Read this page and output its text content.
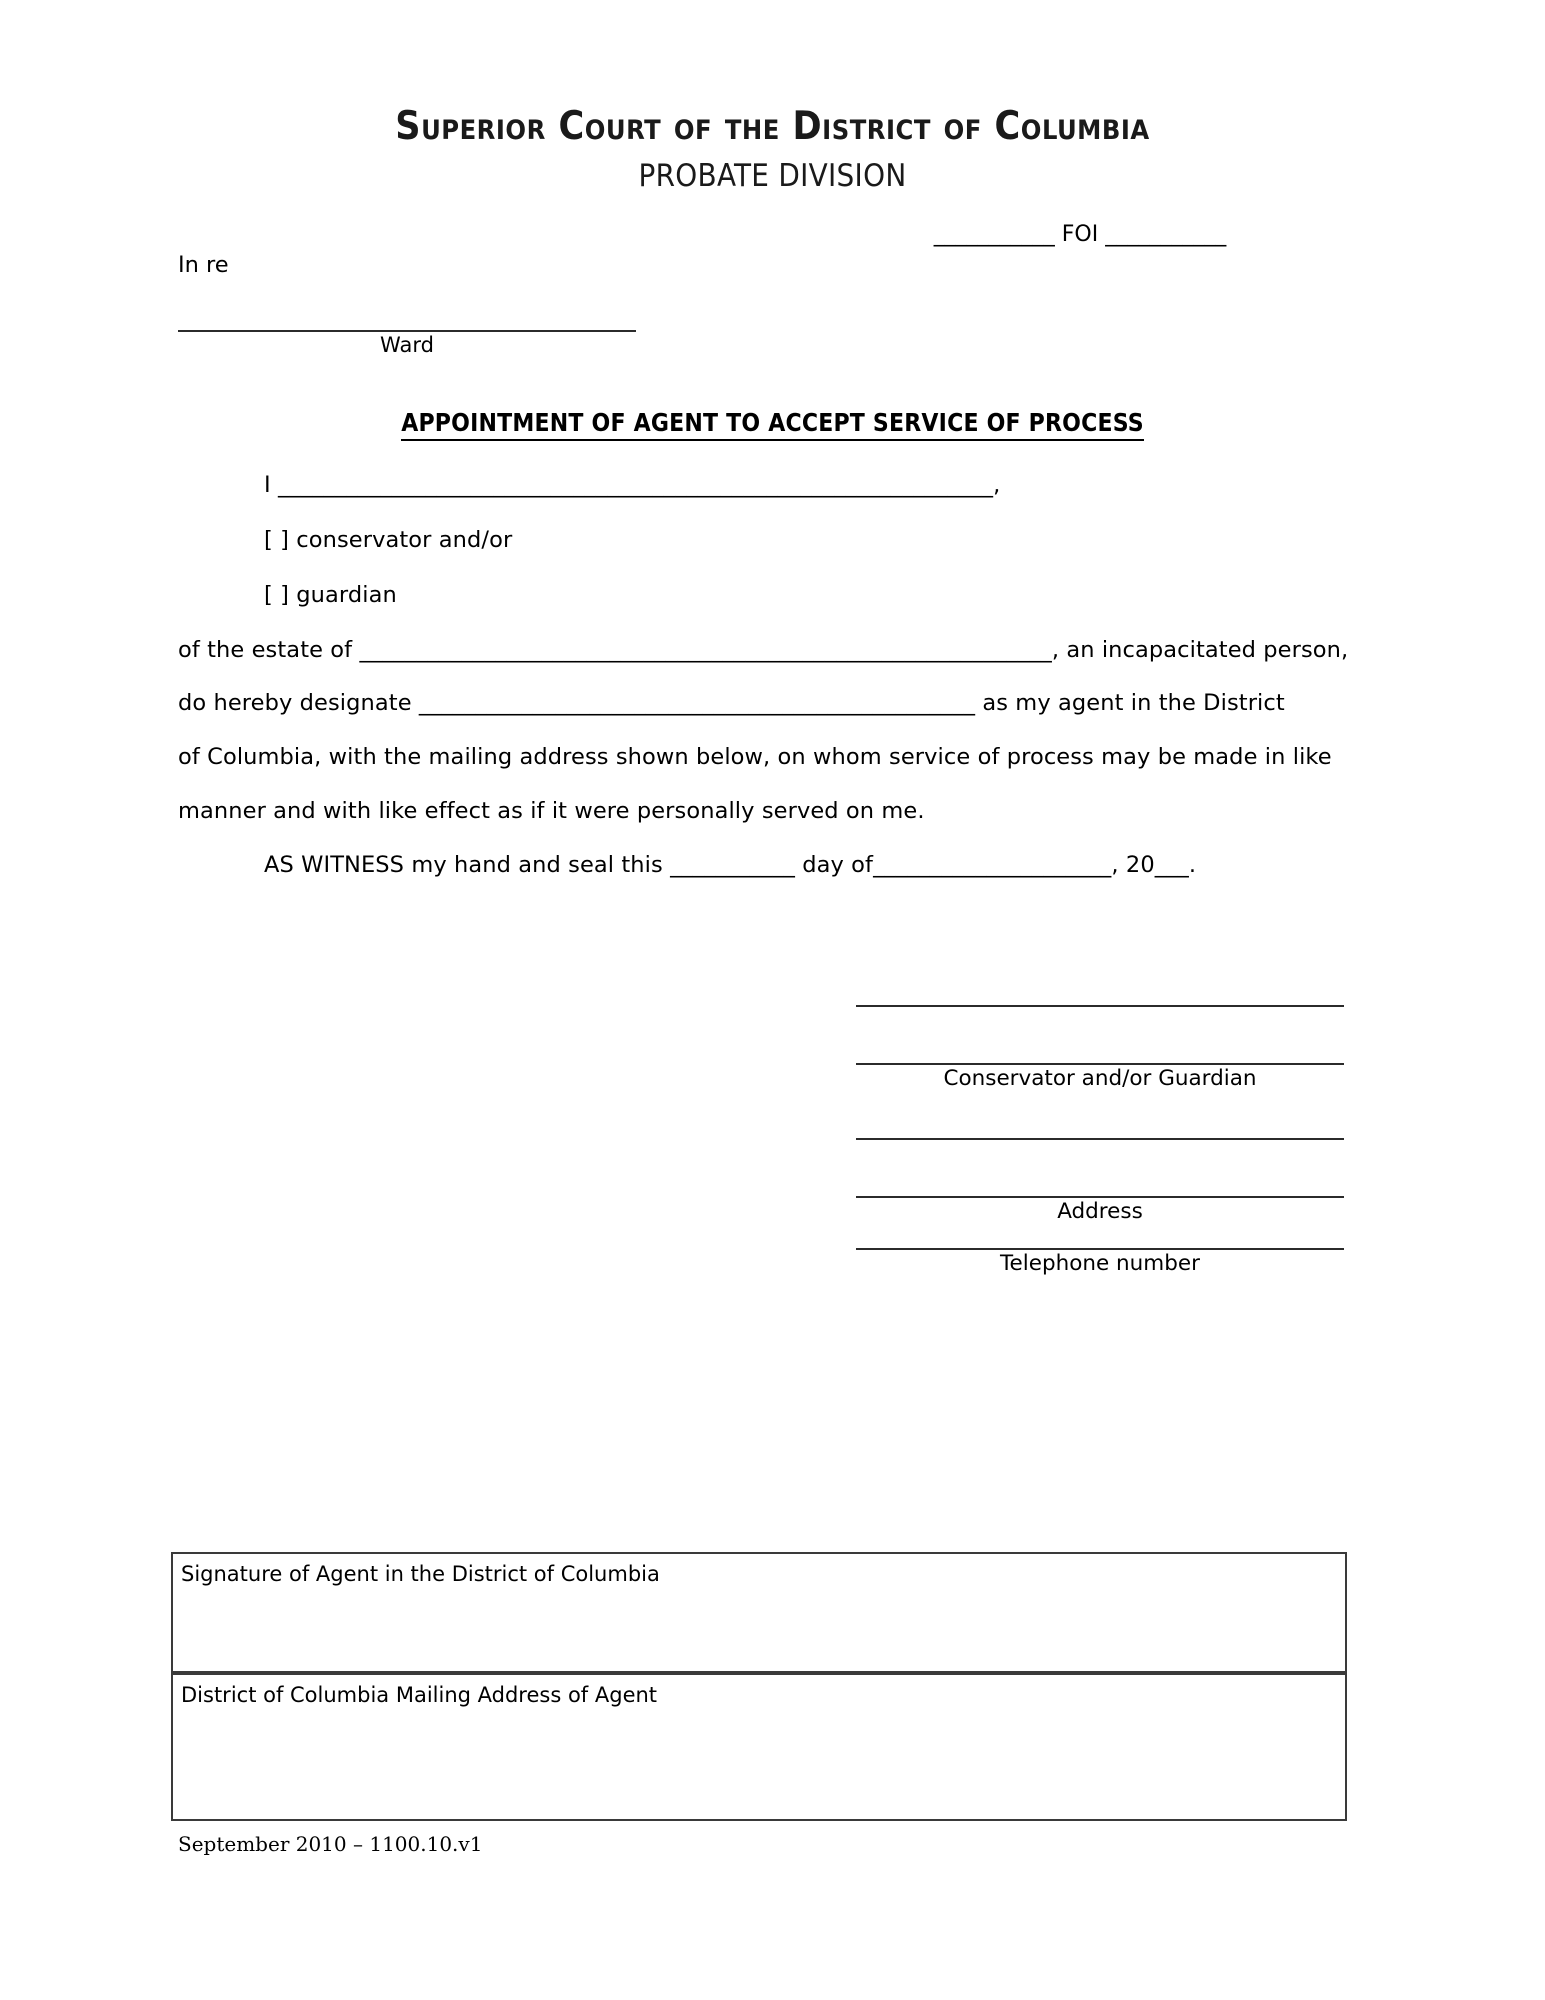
Superior Court of the District of Columbia
PROBATE DIVISION
___________ FOI ___________
In re
Ward
APPOINTMENT OF AGENT TO ACCEPT SERVICE OF PROCESS
I _______________________________________________________________,
[ ] conservator and/or
[ ] guardian
of the estate of _____________________________________________________________, an incapacitated person,
do hereby designate _________________________________________________ as my agent in the District
of Columbia, with the mailing address shown below, on whom service of process may be made in like
manner and with like effect as if it were personally served on me.
AS WITNESS my hand and seal this ___________ day of_____________________, 20___.
Conservator and/or Guardian
Address
Telephone number
Signature of Agent in the District of Columbia
District of Columbia Mailing Address of Agent
September 2010 – 1100.10.v1
